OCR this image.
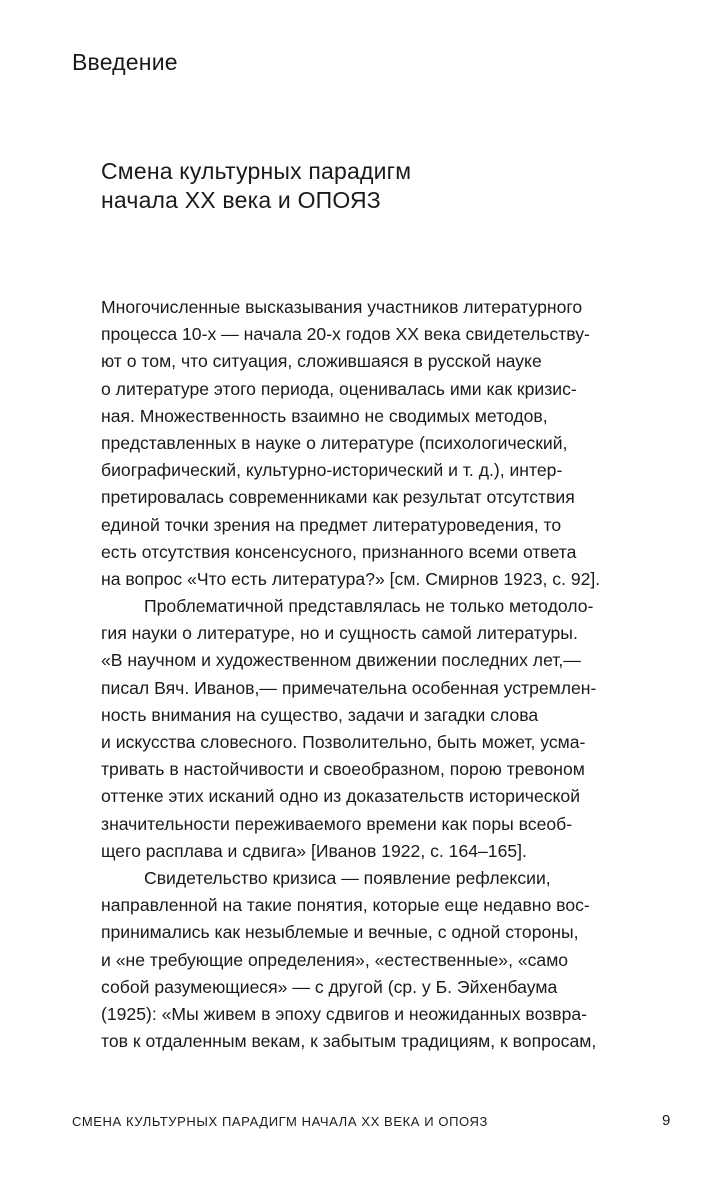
Введение
Смена культурных парадигм
начала XX века и ОПОЯЗ
Многочисленные высказывания участников литературного
процесса 10-х — начала 20-х годов XX века свидетельству-
ют о том, что ситуация, сложившаяся в русской науке
о литературе этого периода, оценивалась ими как кризис-
ная. Множественность взаимно не сводимых методов,
представленных в науке о литературе (психологический,
биографический, культурно-исторический и т. д.), интер-
претировалась современниками как результат отсутствия
единой точки зрения на предмет литературоведения, то
есть отсутствия консенсусного, признанного всеми ответа
на вопрос «Что есть литература?» [см. Смирнов 1923, с. 92].
Проблематичной представлялась не только методоло-
гия науки о литературе, но и сущность самой литературы.
«В научном и художественном движении последних лет,—
писал Вяч. Иванов,— примечательна особенная устремлен-
ность внимания на существо, задачи и загадки слова
и искусства словесного. Позволительно, быть может, усма-
тривать в настойчивости и своеобразном, порою тревоном
оттенке этих исканий одно из доказательств исторической
значительности переживаемого времени как поры всеоб-
щего расплава и сдвига» [Иванов 1922, с. 164–165].
Свидетельство кризиса — появление рефлексии,
направленной на такие понятия, которые еще недавно вос-
принимались как незыблемые и вечные, с одной стороны,
и «не требующие определения», «естественные», «само
собой разумеющиеся» — с другой (ср. у Б. Эйхенбаума
(1925): «Мы живем в эпоху сдвигов и неожиданных возвра-
тов к отдаленным векам, к забытым традициям, к вопросам,
СМЕНА КУЛЬТУРНЫХ ПАРАДИГМ НАЧАЛА XX ВЕКА И ОПОЯЗ	9
